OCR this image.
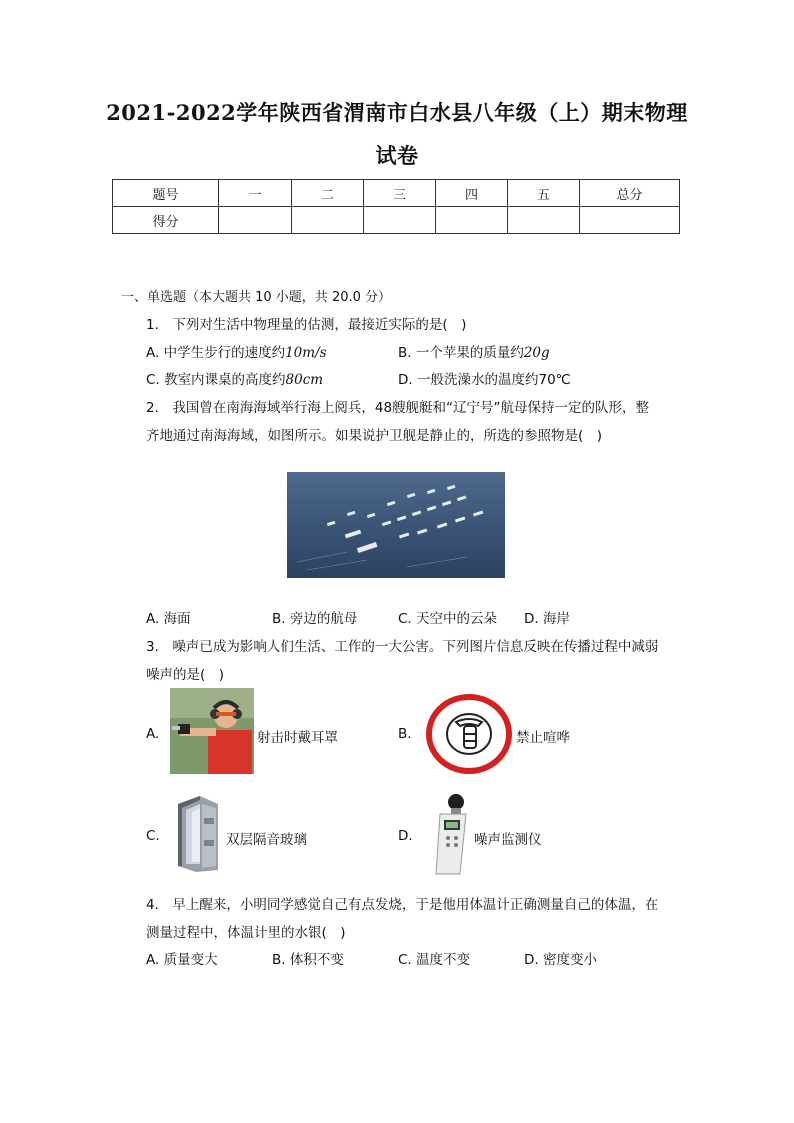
2021-2022学年陕西省渭南市白水县八年级（上）期末物理
试卷
题号	一	二	三	四	五	总分
得分						
一、单选题（本大题共 10 小题，共 20.0 分）
1.　下列对生活中物理量的估测，最接近实际的是(　)
A. 中学生步行的速度约10m/s	B. 一个苹果的质量约20g
C. 教室内课桌的高度约80cm	D. 一般洗澡水的温度约70℃
2.　我国曾在南海海域举行海上阅兵，48艘舰艇和“辽宁号”航母保持一定的队形，整
齐地通过南海海域，如图所示。如果说护卫舰是静止的，所选的参照物是(　)
A. 海面	B. 旁边的航母	C. 天空中的云朵 D. 海岸
3.　噪声已成为影响人们生活、工作的一大公害。下列图片信息反映在传播过程中减弱
噪声的是(　)
A.	射击时戴耳罩	B.	禁止喧哗
C.	双层隔音玻璃	D.	噪声监测仪
4.　早上醒来，小明同学感觉自己有点发烧，于是他用体温计正确测量自己的体温，在
测量过程中，体温计里的水银(　)
A. 质量变大	B. 体积不变	C. 温度不变	D. 密度变小
